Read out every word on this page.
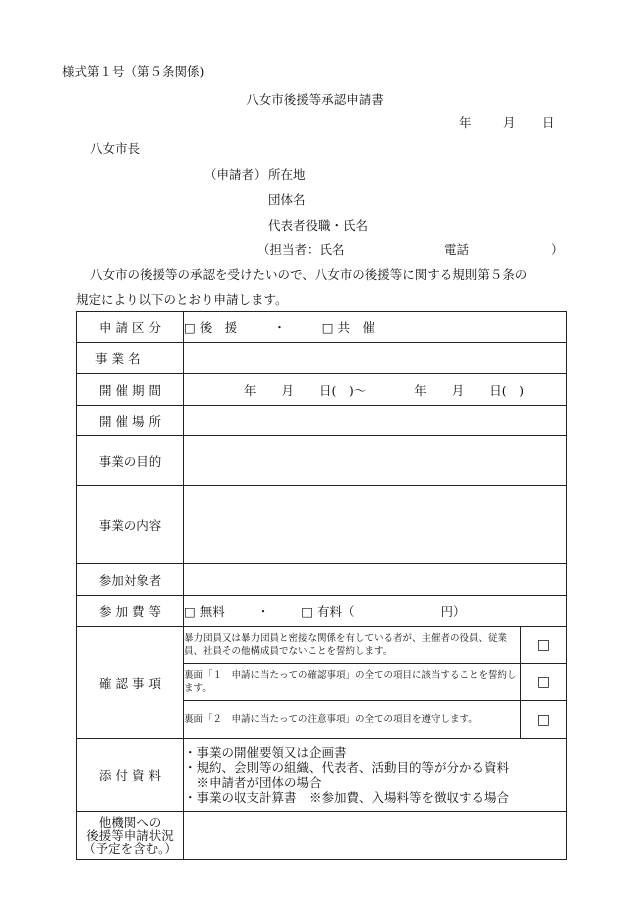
様式第１号（第５条関係)
八女市後援等承認申請書
年	月 日
八女市長
（申請者） 所在地
団体名
代表者役職・氏名
（担当者：氏名	電話	）
八女市の後援等の承認を受けたいので、八女市の後援等に関する規則第５条の
規定により以下のとおり申請します。
申 請 区 分	□ 後　援 ・ □ 共　催	

事 業 名		

開 催 期 間	年　　月　　日(　)～ 年　　月　　日(　)	
開 催 場 所		
事業の目的		
事業の内容		
参加対象者		
参 加 費 等	□ 無料 ・ □ 有料（ 円）	
確 認 事 項	暴力団員又は暴力団員と密接な関係を有している者が、主催者の役員、従業員、社員その他構成員でないことを誓約します。	□
	裏面「１　申請に当たっての確認事項」の全ての項目に該当することを誓約します。	□
	裏面「２　申請に当たっての注意事項」の全ての項目を遵守します。	□
添 付 資 料	・事業の開催要領又は企画書
・規約、会則等の組織、代表者、活動目的等が分かる資料
　※申請者が団体の場合
・事業の収支計算書　※参加費、入場料等を徴収する場合	

他機関への
後援等申請状況
（予定を含む。）		
